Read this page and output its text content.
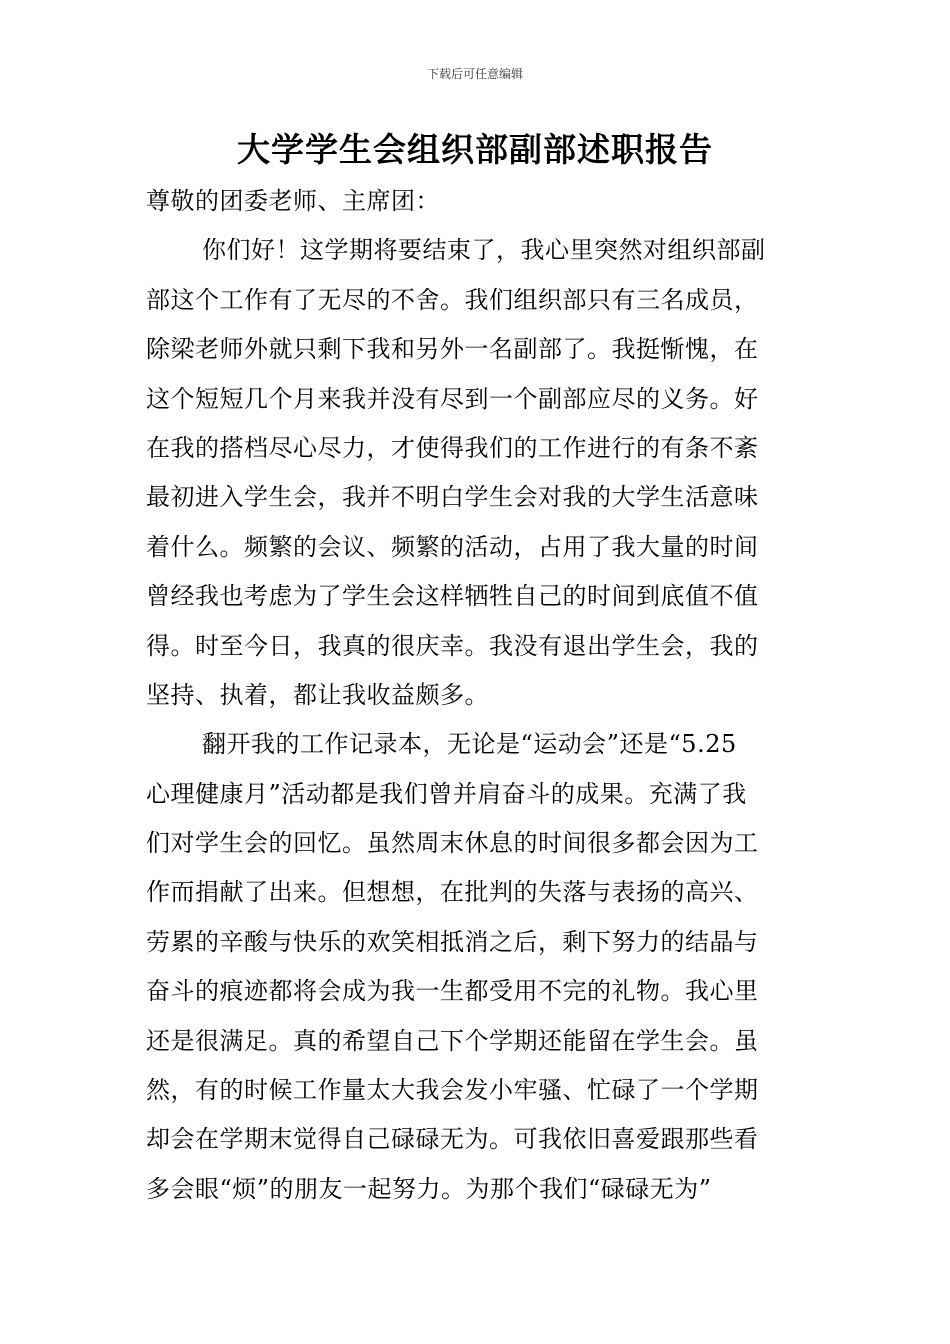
下载后可任意编辑
大学学生会组织部副部述职报告
尊敬的团委老师、主席团：
你们好！这学期将要结束了，我心里突然对组织部副
部这个工作有了无尽的不舍。我们组织部只有三名成员，
除梁老师外就只剩下我和另外一名副部了。我挺惭愧，在
这个短短几个月来我并没有尽到一个副部应尽的义务。好
在我的搭档尽心尽力，才使得我们的工作进行的有条不紊
最初进入学生会，我并不明白学生会对我的大学生活意味
着什么。频繁的会议、频繁的活动，占用了我大量的时间
曾经我也考虑为了学生会这样牺牲自己的时间到底值不值
得。时至今日，我真的很庆幸。我没有退出学生会，我的
坚持、执着，都让我收益颇多。
翻开我的工作记录本，无论是“运动会”还是“5.25
心理健康月”活动都是我们曾并肩奋斗的成果。充满了我
们对学生会的回忆。虽然周末休息的时间很多都会因为工
作而捐献了出来。但想想，在批判的失落与表扬的高兴、
劳累的辛酸与快乐的欢笑相抵消之后，剩下努力的结晶与
奋斗的痕迹都将会成为我一生都受用不完的礼物。我心里
还是很满足。真的希望自己下个学期还能留在学生会。虽
然，有的时候工作量太大我会发小牢骚、忙碌了一个学期
却会在学期末觉得自己碌碌无为。可我依旧喜爱跟那些看
多会眼“烦”的朋友一起努力。为那个我们“碌碌无为”
